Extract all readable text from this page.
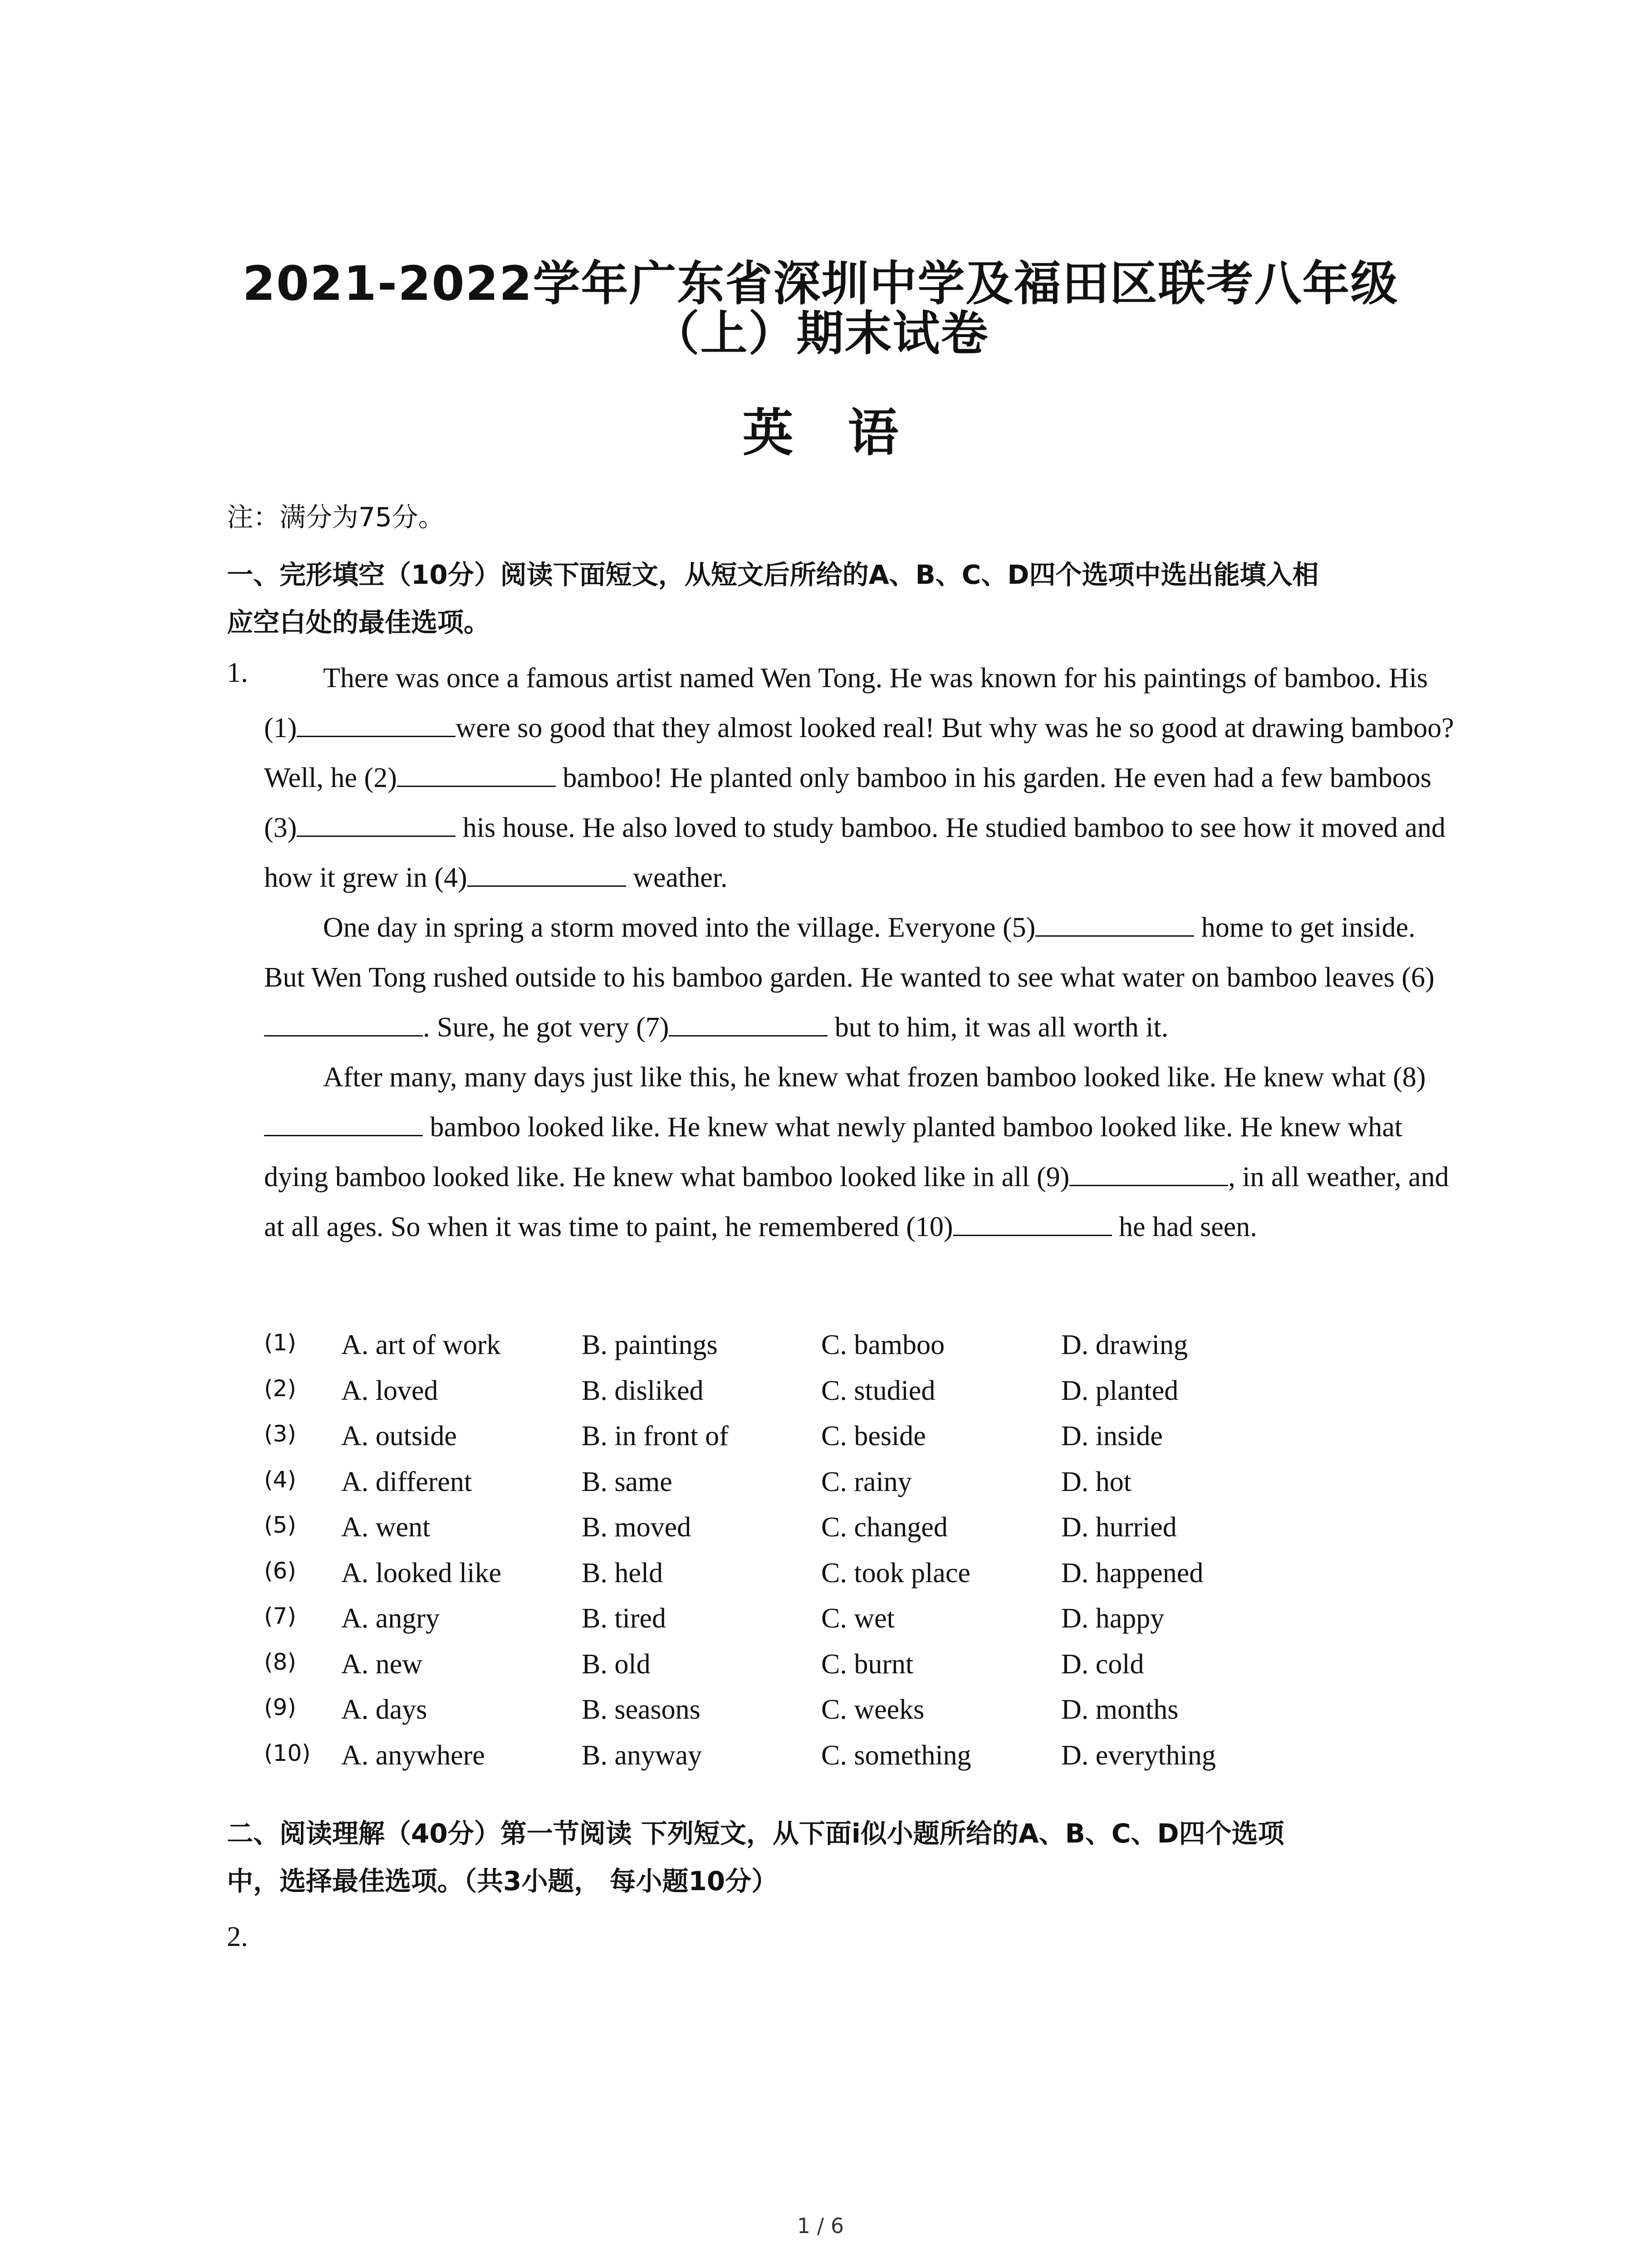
2021-2022学年广东省深圳中学及福田区联考八年级
（上）期末试卷
英语
注：满分为75分。
一、完形填空（10分）阅读下面短文，从短文后所给的A、B、C、D四个选项中选出能填入相
应空白处的最佳选项。
1.	There was once a famous artist named Wen Tong. He was known for his paintings of bamboo. His (1)	were so good that they almost looked real! But why was he so good at drawing bamboo? Well, he (2)	bamboo! He planted only bamboo in his garden. He even had a few bamboos (3)	his house. He also loved to study bamboo. He studied bamboo to see how it moved and how it grew in (4)	weather.

One day in spring a storm moved into the village. Everyone (5)	home to get inside. But Wen Tong rushed outside to his bamboo garden. He wanted to see what water on bamboo leaves (6). Sure, he got very (7)	but to him, it was all worth it.

After many, many days just like this, he knew what frozen bamboo looked like. He knew what (8) bamboo looked like. He knew what newly planted bamboo looked like. He knew what dying bamboo looked like. He knew what bamboo looked like in all (9)	, in all weather, and at all ages. So when it was time to paint, he remembered (10)	he had seen.

(1) A. art of work	B. paintings	C. bamboo	D. drawing
(2) A. loved	B. disliked	C. studied	D. planted
(3) A. outside	B. in front of	C. beside	D. inside
(4) A. different	B. same	C. rainy	D. hot
(5) A. went	B. moved	C. changed	D. hurried
(6) A. looked like	B. held	C. took place	D. happened
(7) A. angry	B. tired	C. wet	D. happy
(8) A. new	B. old	C. burnt	D. cold
(9) A. days	B. seasons	C. weeks	D. months
(10) A. anywhere	B. anyway	C. something	D. everything
二、阅读理解（40分）第一节阅读 下列短文，从下面i似小题所给的A、B、C、D四个选项
中，选择最佳选项。（共3小题， 每小题10分）
2.
1 / 6
